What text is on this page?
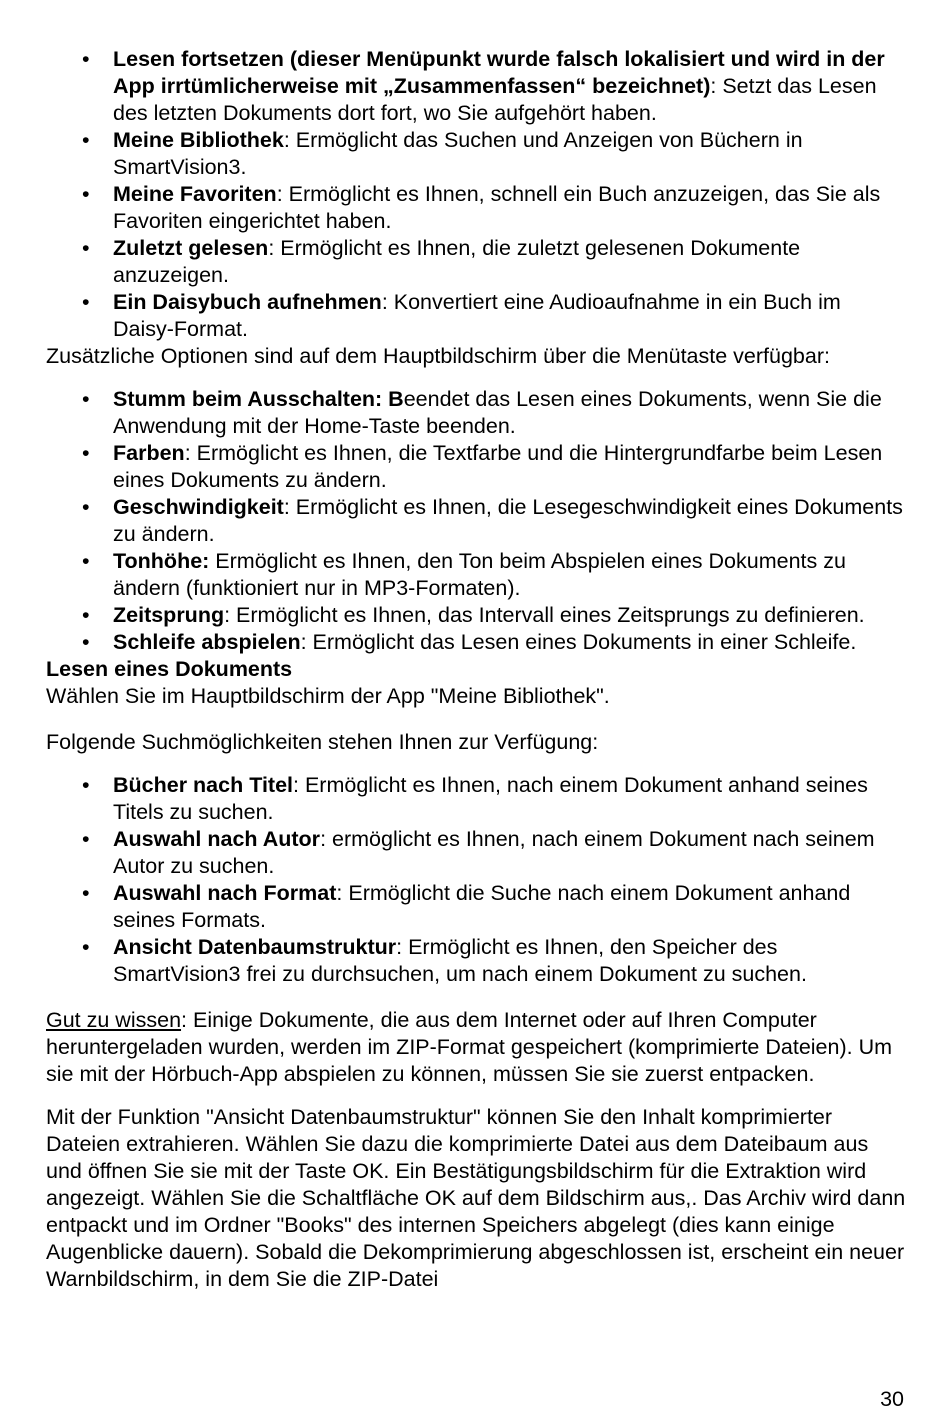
• Lesen fortsetzen (dieser Menüpunkt wurde falsch lokalisiert und wird in der App irrtümlicherweise mit „Zusammenfassen“ bezeichnet): Setzt das Lesen des letzten Dokuments dort fort, wo Sie aufgehört haben.
• Meine Bibliothek: Ermöglicht das Suchen und Anzeigen von Büchern in SmartVision3.
• Meine Favoriten: Ermöglicht es Ihnen, schnell ein Buch anzuzeigen, das Sie als Favoriten eingerichtet haben.
• Zuletzt gelesen: Ermöglicht es Ihnen, die zuletzt gelesenen Dokumente anzuzeigen.
• Ein Daisybuch aufnehmen: Konvertiert eine Audioaufnahme in ein Buch im Daisy-Format.

Zusätzliche Optionen sind auf dem Hauptbildschirm über die Menütaste verfügbar:

• Stumm beim Ausschalten: Beendet das Lesen eines Dokuments, wenn Sie die Anwendung mit der Home-Taste beenden.
• Farben: Ermöglicht es Ihnen, die Textfarbe und die Hintergrundfarbe beim Lesen eines Dokuments zu ändern.
• Geschwindigkeit: Ermöglicht es Ihnen, die Lesegeschwindigkeit eines Dokuments zu ändern.
• Tonhöhe: Ermöglicht es Ihnen, den Ton beim Abspielen eines Dokuments zu ändern (funktioniert nur in MP3-Formaten).
• Zeitsprung: Ermöglicht es Ihnen, das Intervall eines Zeitsprungs zu definieren.
• Schleife abspielen: Ermöglicht das Lesen eines Dokuments in einer Schleife.

Lesen eines Dokuments

Wählen Sie im Hauptbildschirm der App "Meine Bibliothek".

Folgende Suchmöglichkeiten stehen Ihnen zur Verfügung:

• Bücher nach Titel: Ermöglicht es Ihnen, nach einem Dokument anhand seines Titels zu suchen.
• Auswahl nach Autor: ermöglicht es Ihnen, nach einem Dokument nach seinem Autor zu suchen.
• Auswahl nach Format: Ermöglicht die Suche nach einem Dokument anhand seines Formats.
• Ansicht Datenbaumstruktur: Ermöglicht es Ihnen, den Speicher des SmartVision3 frei zu durchsuchen, um nach einem Dokument zu suchen.

Gut zu wissen: Einige Dokumente, die aus dem Internet oder auf Ihren Computer heruntergeladen wurden, werden im ZIP-Format gespeichert (komprimierte Dateien). Um sie mit der Hörbuch-App abspielen zu können, müssen Sie sie zuerst entpacken.

Mit der Funktion "Ansicht Datenbaumstruktur" können Sie den Inhalt komprimierter Dateien extrahieren. Wählen Sie dazu die komprimierte Datei aus dem Dateibaum aus und öffnen Sie sie mit der Taste OK. Ein Bestätigungsbildschirm für die Extraktion wird angezeigt. Wählen Sie die Schaltfläche OK auf dem Bildschirm aus,. Das Archiv wird dann entpackt und im Ordner "Books" des internen Speichers abgelegt (dies kann einige Augenblicke dauern). Sobald die Dekomprimierung abgeschlossen ist, erscheint ein neuer Warnbildschirm, in dem Sie die ZIP-Datei

30
